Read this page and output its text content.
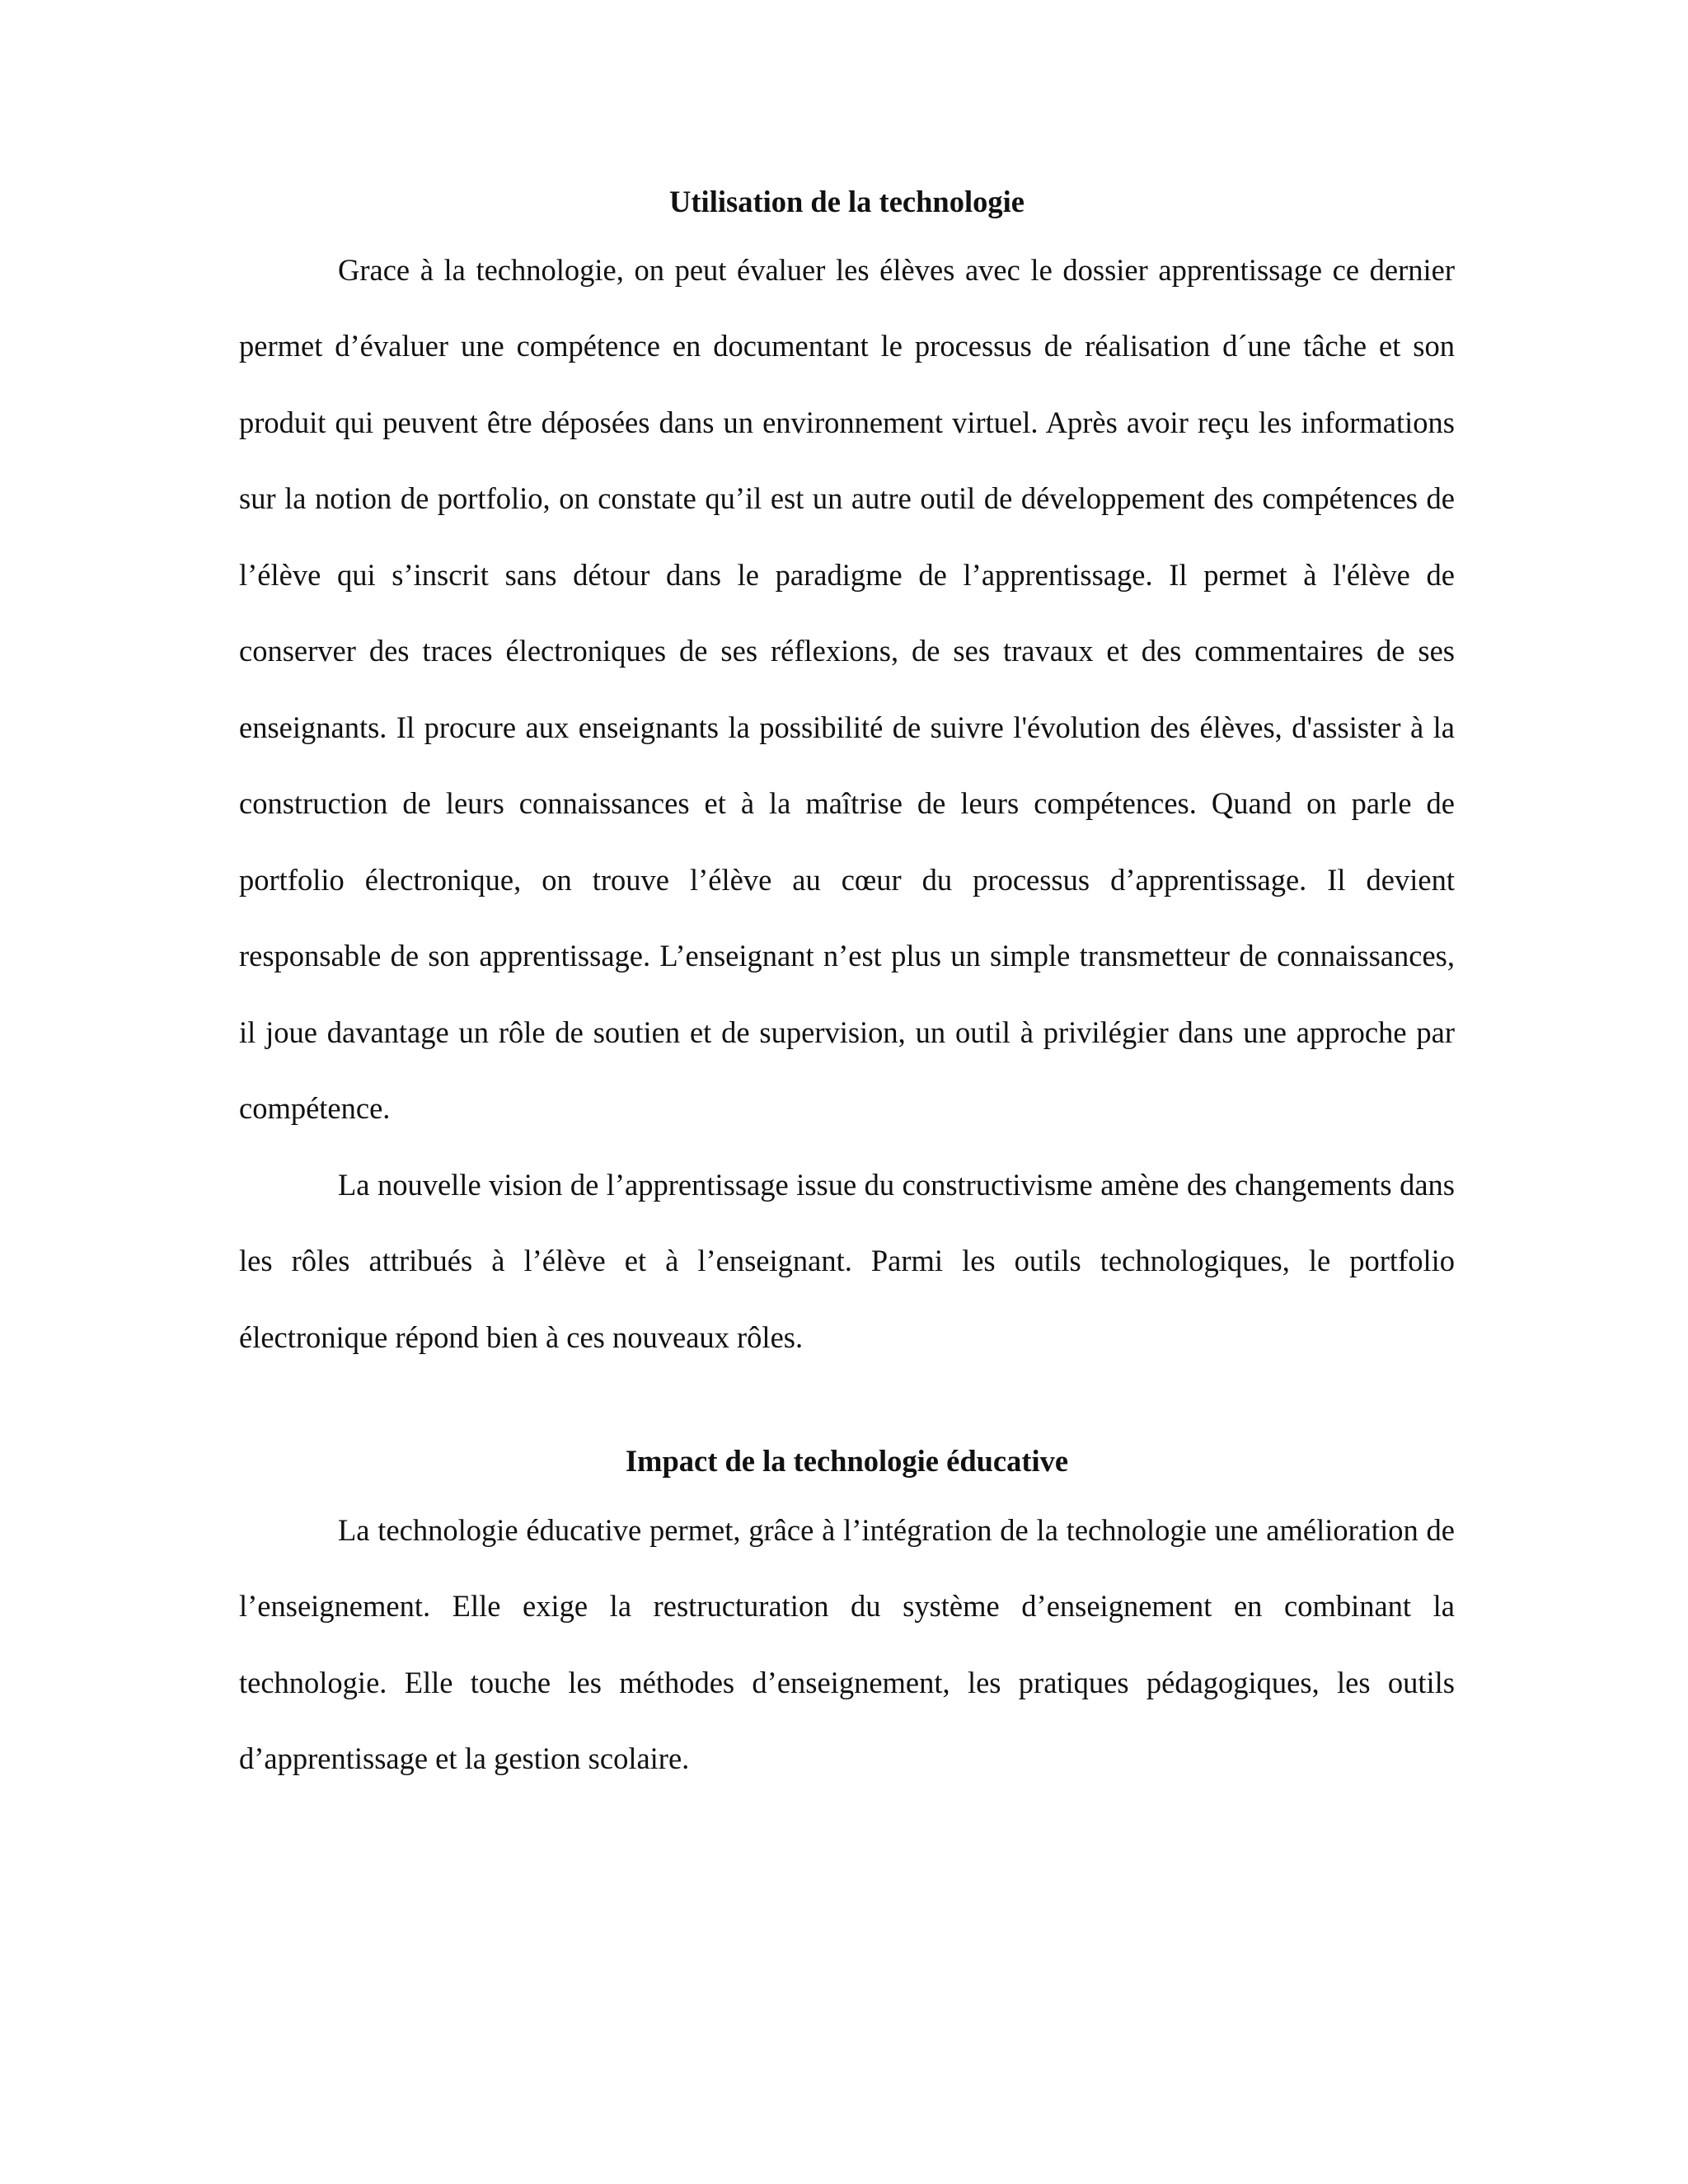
Utilisation de la technologie

Grace à la technologie, on peut évaluer les élèves avec le dossier apprentissage ce dernier permet d’évaluer une compétence en documentant le processus de réalisation d´une tâche et son produit qui peuvent être déposées dans un environnement virtuel. Après avoir reçu les informations sur la notion de portfolio, on constate qu’il est un autre outil de développement des compétences de l’élève qui s’inscrit sans détour dans le paradigme de l’apprentissage. Il permet à l'élève de conserver des traces électroniques de ses réflexions, de ses travaux et des commentaires de ses enseignants. Il procure aux enseignants la possibilité de suivre l'évolution des élèves, d'assister à la construction de leurs connaissances et à la maîtrise de leurs compétences. Quand on parle de portfolio électronique, on trouve l’élève au cœur du processus d’apprentissage. Il devient responsable de son apprentissage. L’enseignant n’est plus un simple transmetteur de connaissances, il joue davantage un rôle de soutien et de supervision, un outil à privilégier dans une approche par compétence.

La nouvelle vision de l’apprentissage issue du constructivisme amène des changements dans les rôles attribués à l’élève et à l’enseignant. Parmi les outils technologiques, le portfolio électronique répond bien à ces nouveaux rôles.

Impact de la technologie éducative

La technologie éducative permet, grâce à l’intégration de la technologie une amélioration de l’enseignement. Elle exige la restructuration du système d’enseignement en combinant la technologie. Elle touche les méthodes d’enseignement, les pratiques pédagogiques, les outils d’apprentissage et la gestion scolaire.
